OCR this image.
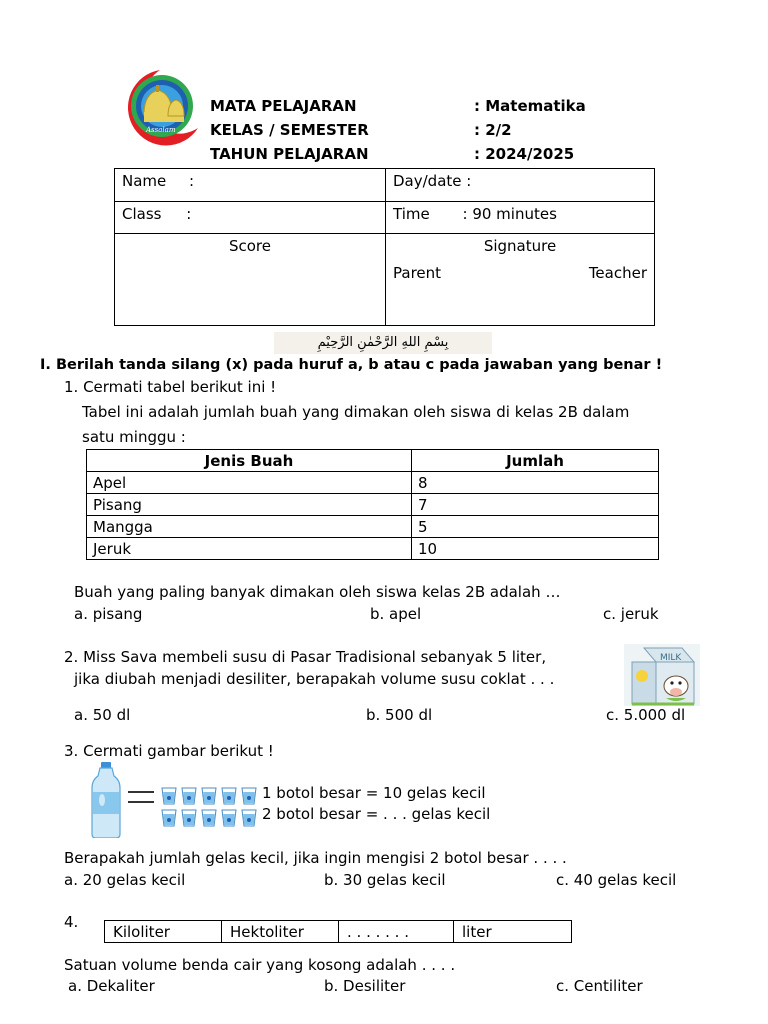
Assalam
MATA PELAJARAN	: Matematika
KELAS / SEMESTER	: 2/2
TAHUN PELAJARAN	: 2024/2025
Name :	Day/date :
Class :	Time : 90 minutes
Score	Signature
Parent Teacher
بِسْمِ اللهِ الرَّحْمٰنِ الرَّحِيْمِ
I. Berilah tanda silang (x) pada huruf a, b atau c pada jawaban yang benar !
1. Cermati tabel berikut ini !
Tabel ini adalah jumlah buah yang dimakan oleh siswa di kelas 2B dalam
satu minggu :
Jenis Buah	Jumlah
Apel	8
Pisang	7
Mangga	5
Jeruk	10
Buah yang paling banyak dimakan oleh siswa kelas 2B adalah …
a. pisang	b. apel	c. jeruk
2. Miss Sava membeli susu di Pasar Tradisional sebanyak 5 liter,
jika diubah menjadi desiliter, berapakah volume susu coklat . . .
MILK
a. 50 dl	b. 500 dl	c. 5.000 dl
3. Cermati gambar berikut !
1 botol besar = 10 gelas kecil
2 botol besar = . . . gelas kecil
Berapakah jumlah gelas kecil, jika ingin mengisi 2 botol besar . . . .
a. 20 gelas kecil	b. 30 gelas kecil	c. 40 gelas kecil
4.
Kiloliter	Hektoliter	. . . . . . .	liter
Satuan volume benda cair yang kosong adalah . . . .
a. Dekaliter	b. Desiliter	c. Centiliter
